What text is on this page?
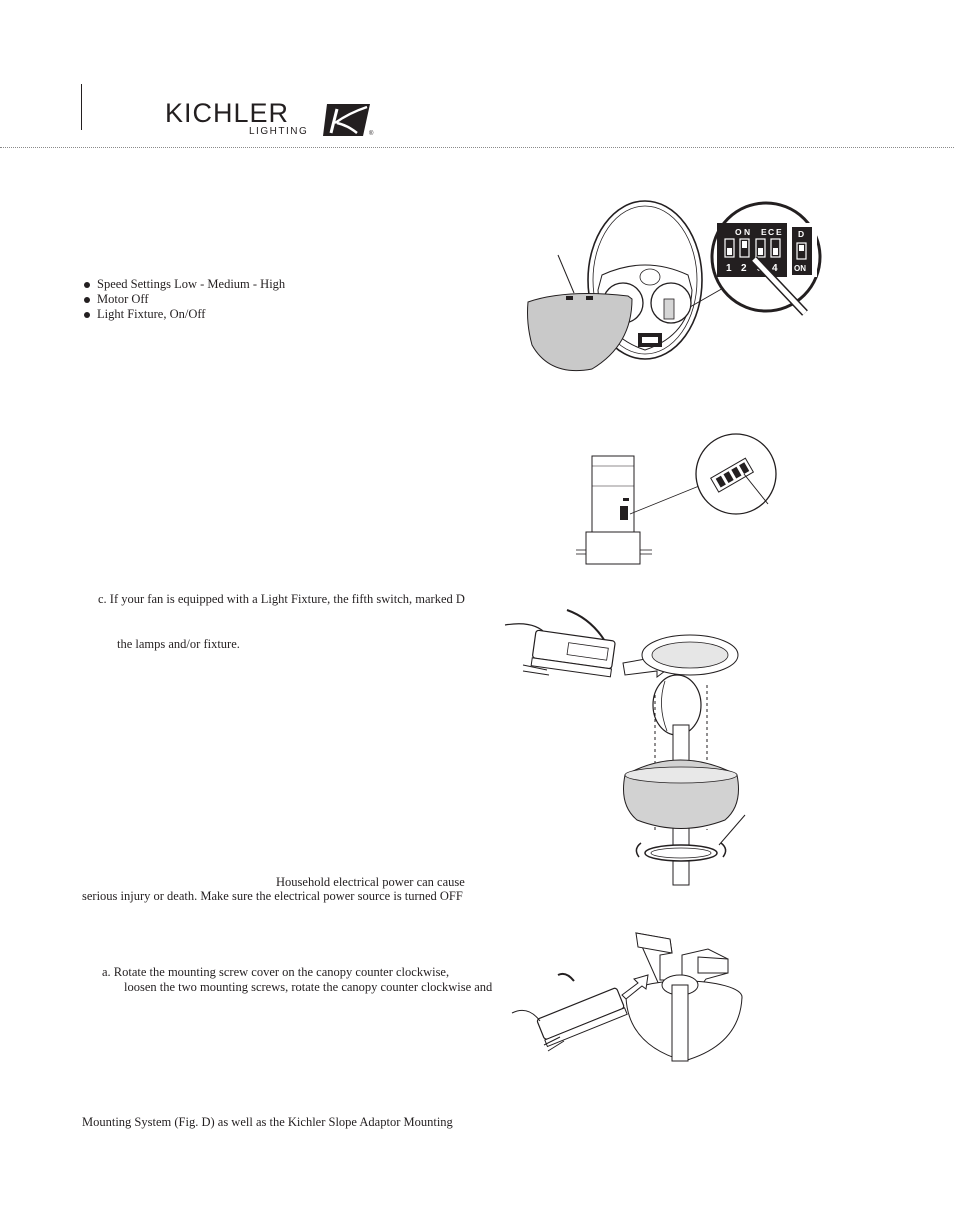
KICHLER
LIGHTING	®
Speed Settings Low - Medium - High
Motor Off
Light Fixture, On/Off
O N E C E
1 2	4
D
ON
c. If your fan is equipped with a Light Fixture, the fifth switch, marked D
the lamps and/or fixture.
Household electrical power can cause
serious injury or death. Make sure the electrical power source is turned OFF
a. Rotate the mounting screw cover on the canopy counter clockwise,
loosen the two mounting screws, rotate the canopy counter clockwise and
Mounting System (Fig. D) as well as the Kichler Slope Adaptor Mounting
